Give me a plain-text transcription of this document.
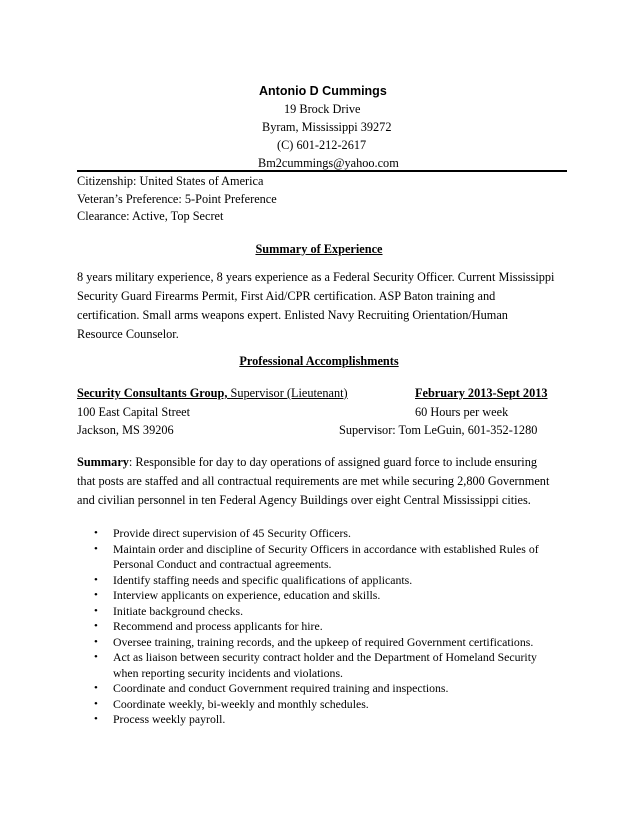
Antonio D Cummings
19 Brock Drive
Byram, Mississippi 39272
(C) 601-212-2617
Bm2cummings@yahoo.com
Citizenship: United States of America
Veteran’s Preference: 5-Point Preference
Clearance: Active, Top Secret
Summary of Experience
8 years military experience, 8 years experience as a Federal Security Officer. Current Mississippi
Security Guard Firearms Permit, First Aid/CPR certification. ASP Baton training and
certification. Small arms weapons expert. Enlisted Navy Recruiting Orientation/Human
Resource Counselor.
Professional Accomplishments
Security Consultants Group, Supervisor (Lieutenant)	February 2013-Sept 2013
100 East Capital Street	60 Hours per week
Jackson, MS 39206	Supervisor: Tom LeGuin, 601-352-1280
Summary: Responsible for day to day operations of assigned guard force to include ensuring
that posts are staffed and all contractual requirements are met while securing 2,800 Government
and civilian personnel in ten Federal Agency Buildings over eight Central Mississippi cities.
• Provide direct supervision of 45 Security Officers.
• Maintain order and discipline of Security Officers in accordance with established Rules of Personal Conduct and contractual agreements.
• Identify staffing needs and specific qualifications of applicants.
• Interview applicants on experience, education and skills.
• Initiate background checks.
• Recommend and process applicants for hire.
• Oversee training, training records, and the upkeep of required Government certifications.
• Act as liaison between security contract holder and the Department of Homeland Security when reporting security incidents and violations.
• Coordinate and conduct Government required training and inspections.
• Coordinate weekly, bi-weekly and monthly schedules.
• Process weekly payroll.
